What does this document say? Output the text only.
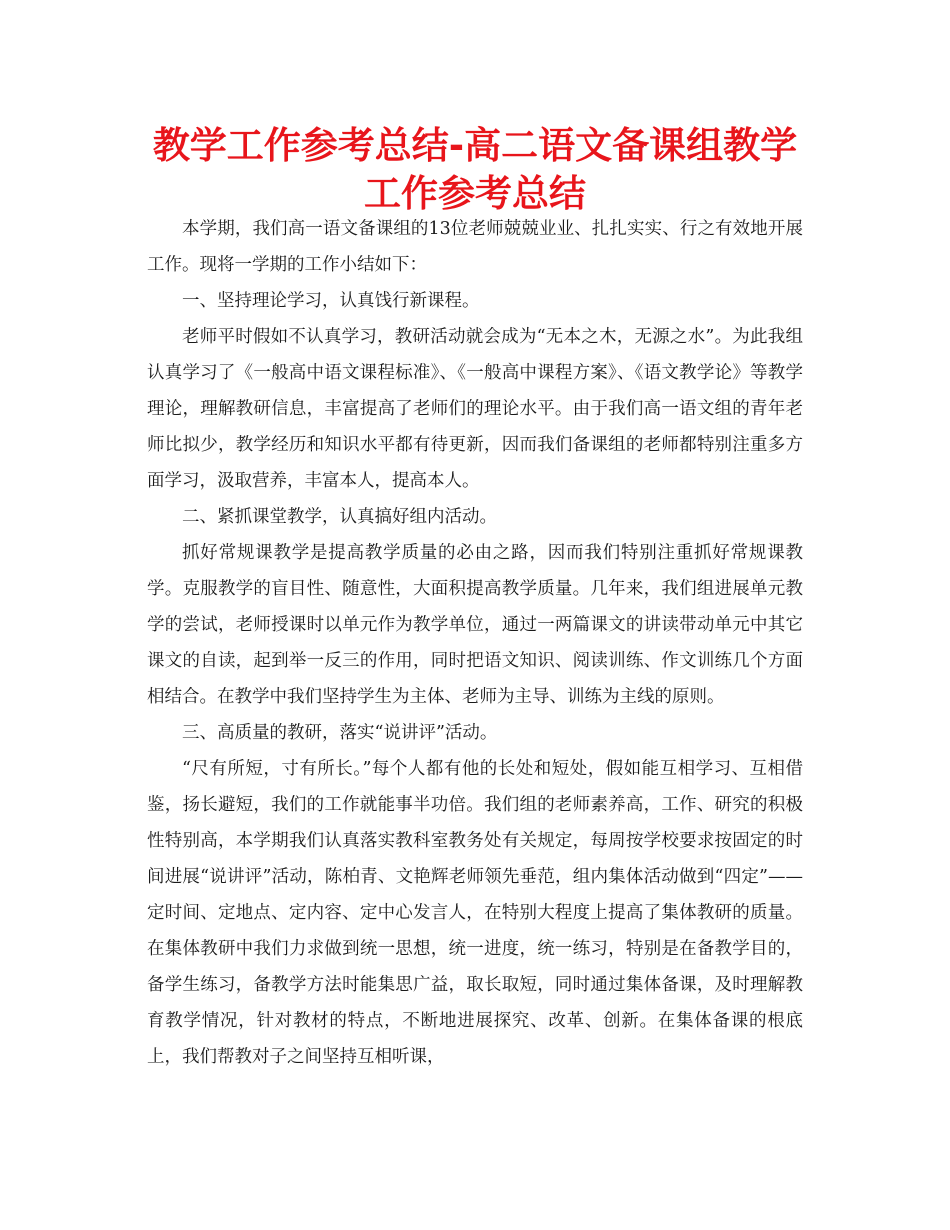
教学工作参考总结-高二语文备课组教学工作参考总结

本学期，我们高一语文备课组的13位老师兢兢业业、扎扎实实、行之有效地开展工作。现将一学期的工作小结如下：

一、坚持理论学习，认真饯行新课程。

老师平时假如不认真学习，教研活动就会成为“无本之木，无源之水”。为此我组认真学习了《一般高中语文课程标准》、《一般高中课程方案》、《语文教学论》等教学理论，理解教研信息，丰富提高了老师们的理论水平。由于我们高一语文组的青年老师比拟少，教学经历和知识水平都有待更新，因而我们备课组的老师都特别注重多方面学习，汲取营养，丰富本人，提高本人。

二、紧抓课堂教学，认真搞好组内活动。

抓好常规课教学是提高教学质量的必由之路，因而我们特别注重抓好常规课教学。克服教学的盲目性、随意性，大面积提高教学质量。几年来，我们组进展单元教学的尝试，老师授课时以单元作为教学单位，通过一两篇课文的讲读带动单元中其它课文的自读，起到举一反三的作用，同时把语文知识、阅读训练、作文训练几个方面相结合。在教学中我们坚持学生为主体、老师为主导、训练为主线的原则。

三、高质量的教研，落实“说讲评”活动。

“尺有所短，寸有所长。”每个人都有他的长处和短处，假如能互相学习、互相借鉴，扬长避短，我们的工作就能事半功倍。我们组的老师素养高，工作、研究的积极性特别高，本学期我们认真落实教科室教务处有关规定，每周按学校要求按固定的时间进展“说讲评”活动，陈柏青、文艳辉老师领先垂范，组内集体活动做到“四定”——定时间、定地点、定内容、定中心发言人，在特别大程度上提高了集体教研的质量。在集体教研中我们力求做到统一思想，统一进度，统一练习，特别是在备教学目的，备学生练习，备教学方法时能集思广益，取长取短，同时通过集体备课，及时理解教育教学情况，针对教材的特点，不断地进展探究、改革、创新。在集体备课的根底上，我们帮教对子之间坚持互相听课，
